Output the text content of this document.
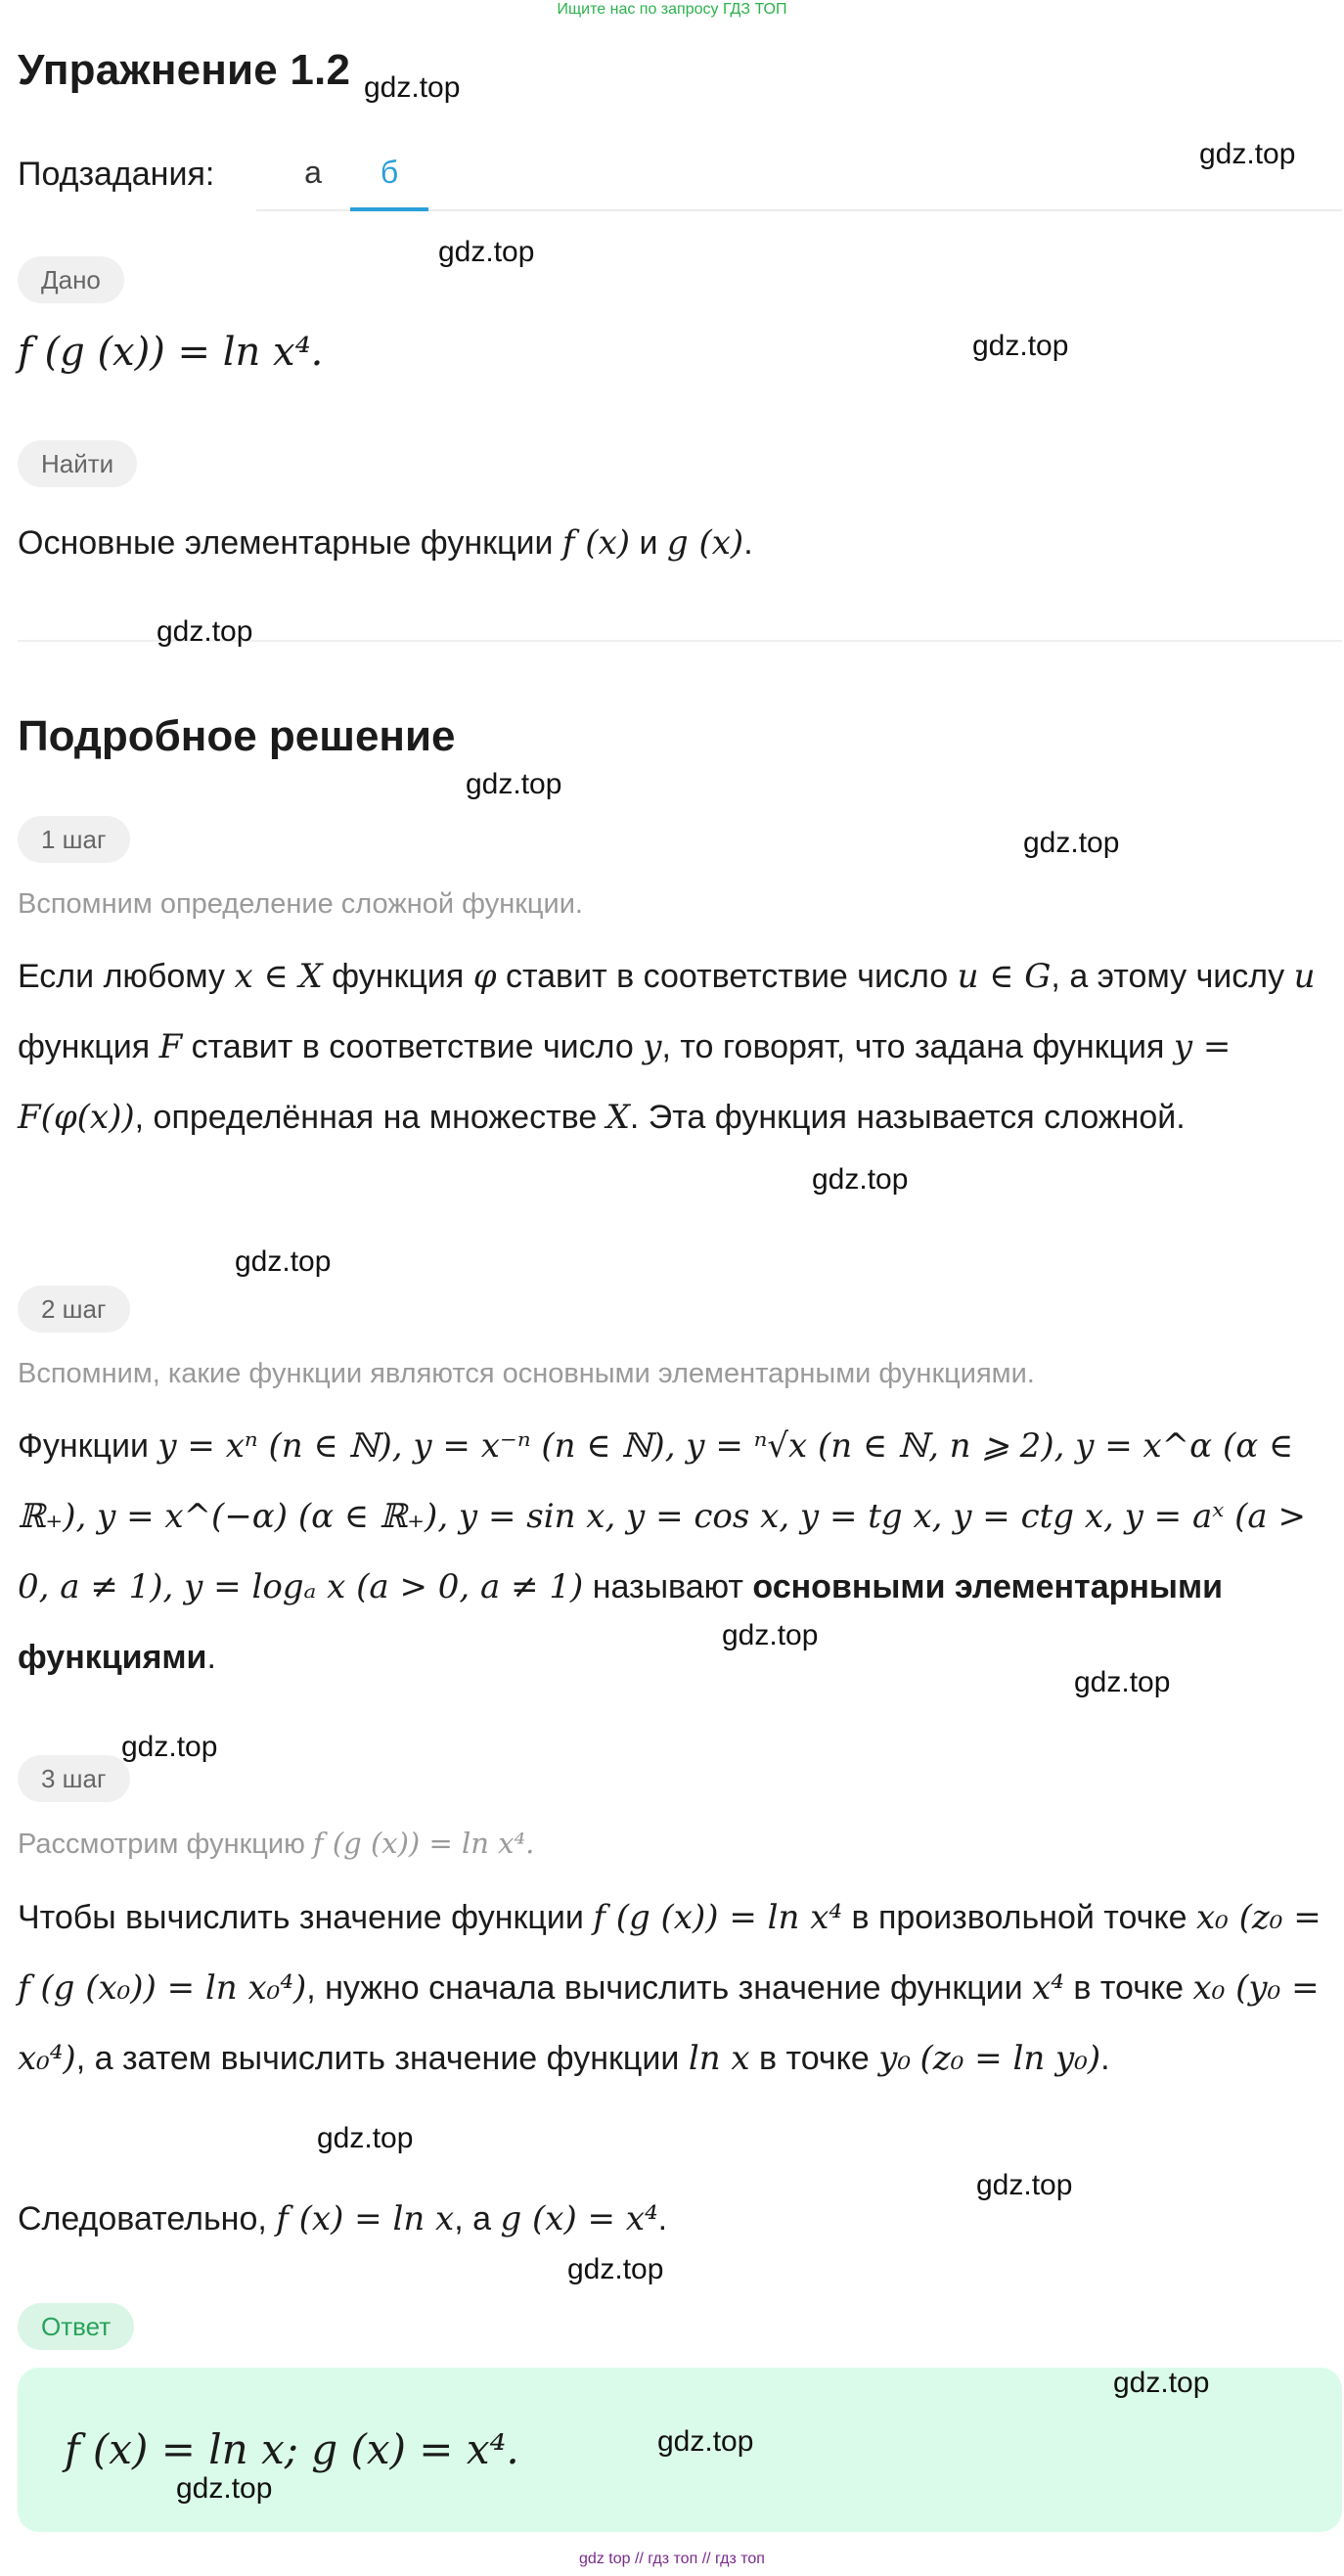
Ищите нас по запросу ГДЗ ТОП
Упражнение 1.2
Подзадания:	а	б
Дано
f (g (x)) = ln x⁴.
Найти
Основные элементарные функции f (x) и g (x).
Подробное решение
1 шаг
Вспомним определение сложной функции.
Если любому x ∈ X функция φ ставит в соответствие число u ∈ G, а этому числу u функция F ставит в соответствие число y, то говорят, что задана функция y = F(φ(x)), определённая на множестве X. Эта функция называется сложной.
2 шаг
Вспомним, какие функции являются основными элементарными функциями.
Функции y = xⁿ (n ∈ ℕ), y = x⁻ⁿ (n ∈ ℕ), y = ⁿ√x (n ∈ ℕ, n ⩾ 2), y = x^α (α ∈ ℝ₊), y = x^(−α) (α ∈ ℝ₊), y = sin x, y = cos x, y = tg x, y = ctg x, y = aˣ (a > 0, a ≠ 1), y = logₐ x (a > 0, a ≠ 1) называют основными элементарными функциями.
3 шаг
Рассмотрим функцию f (g (x)) = ln x⁴.
Чтобы вычислить значение функции f (g (x)) = ln x⁴ в произвольной точке x₀ (z₀ = f (g (x₀)) = ln x₀⁴), нужно сначала вычислить значение функции x⁴ в точке x₀ (y₀ = x₀⁴), а затем вычислить значение функции ln x в точке y₀ (z₀ = ln y₀).
Следовательно, f (x) = ln x, а g (x) = x⁴.
Ответ
f (x) = ln x; g (x) = x⁴.
gdz.top
gdz.top
gdz.top
gdz.top
gdz.top
gdz.top
gdz.top
gdz.top
gdz.top
gdz.top
gdz.top
gdz.top
gdz.top
gdz.top
gdz.top
gdz.top
gdz.top
gdz.top
gdz top // гдз топ // гдз топ
